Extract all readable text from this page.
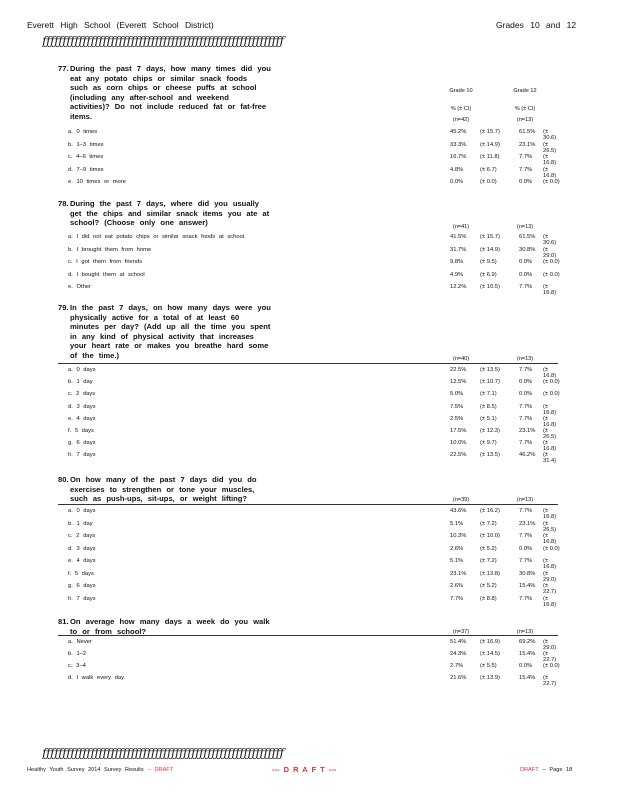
Everett High School (Everett School District)	Grades 10 and 12
ƒƒƒƒƒƒƒƒƒƒƒƒƒƒƒƒƒƒƒƒƒƒƒƒƒƒƒƒƒƒƒƒƒƒƒƒƒƒƒƒƒƒƒƒƒƒƒƒƒƒƒƒƒƒƒƒƒƒƒƒ
Grade 10	Grade 12
% (± CI)	% (± CI)
77.During the past 7 days, how many times did you
eat any potato chips or similar snack foods
such as corn chips or cheese puffs at school
(including any after-school and weekend
activities)? Do not include reduced fat or fat-free
items.	(n=42)	(n=13)
a. 0 times	45.2% (± 15.7)	61.5% (± 30.6)
b. 1–3 times	33.3% (± 14.9)	23.1% (± 26.5)
c. 4–6 times	16.7% (± 11.8)	7.7% (± 16.8)
d. 7–9 times	4.8%	(± 6.7)	7.7% (± 16.8)
e. 10 times or more	0.0%	(± 0.0)	0.0% (± 0.0)
78.During the past 7 days, where did you usually
get the chips and similar snack items you ate at
school? (Choose only one answer)	(n=41)	(n=13)
a. I did not eat potato chips or similar snack foods at school.	41.5% (± 15.7)	61.5% (± 30.6)
b. I brought them from home	31.7% (± 14.9)	30.8% (± 29.0)
c. I got them from friends	9.8%	(± 9.5)	0.0% (± 0.0)
d. I bought them at school	4.9%	(± 6.9)	0.0% (± 0.0)
e. Other	12.2% (± 10.5)	7.7% (± 16.8)
79.In the past 7 days, on how many days were you
physically active for a total of at least 60
minutes per day? (Add up all the time you spent
in any kind of physical activity that increases
your heart rate or makes you breathe hard some
of the time.)	(n=40)	(n=13)
a. 0 days	22.5% (± 13.5)	7.7% (± 16.8)
b. 1 day	12.5% (± 10.7)	0.0% (± 0.0)
c. 2 days	5.0%	(± 7.1)	0.0% (± 0.0)
d. 3 days	7.5%	(± 8.5)	7.7% (± 16.8)
e. 4 days	2.5%	(± 5.1)	7.7% (± 16.8)
f. 5 days	17.5% (± 12.3)	23.1% (± 26.5)
g. 6 days	10.0% (± 9.7)	7.7% (± 16.8)
h. 7 days	22.5% (± 13.5)	46.2% (± 31.4)
80.On how many of the past 7 days did you do
exercises to strengthen or tone your muscles,
such as push-ups, sit-ups, or weight lifting?	(n=39)	(n=13)
a. 0 days	43.6% (± 16.2)	7.7% (± 16.8)
b. 1 day	5.1%	(± 7.2)	23.1% (± 26.5)
c. 2 days	10.3% (± 10.0)	7.7% (± 16.8)
d. 3 days	2.6%	(± 5.2)	0.0% (± 0.0)
e. 4 days	5.1%	(± 7.2)	7.7% (± 16.8)
f. 5 days	23.1% (± 13.8)	30.8% (± 29.0)
g. 6 days	2.6%	(± 5.2)	15.4% (± 22.7)
h. 7 days	7.7%	(± 8.8)	7.7% (± 16.8)
81.On average how many days a week do you walk
to or from school?	(n=37)	(n=13)
a. Never	51.4% (± 16.9)	69.2% (± 29.0)
b. 1–2	24.3% (± 14.5)	15.4% (± 22.7)
c. 3–4	2.7%	(± 5.5)	0.0% (± 0.0)
d. I walk every day.	21.6% (± 13.9)	15.4% (± 22.7)
ƒƒƒƒƒƒƒƒƒƒƒƒƒƒƒƒƒƒƒƒƒƒƒƒƒƒƒƒƒƒƒƒƒƒƒƒƒƒƒƒƒƒƒƒƒƒƒƒƒƒƒƒƒƒƒƒƒƒƒƒ
Healthy Youth Survey 2014 Survey Results -- DRAFT	--- D R A F T ---	DRAFT -- Page 18
